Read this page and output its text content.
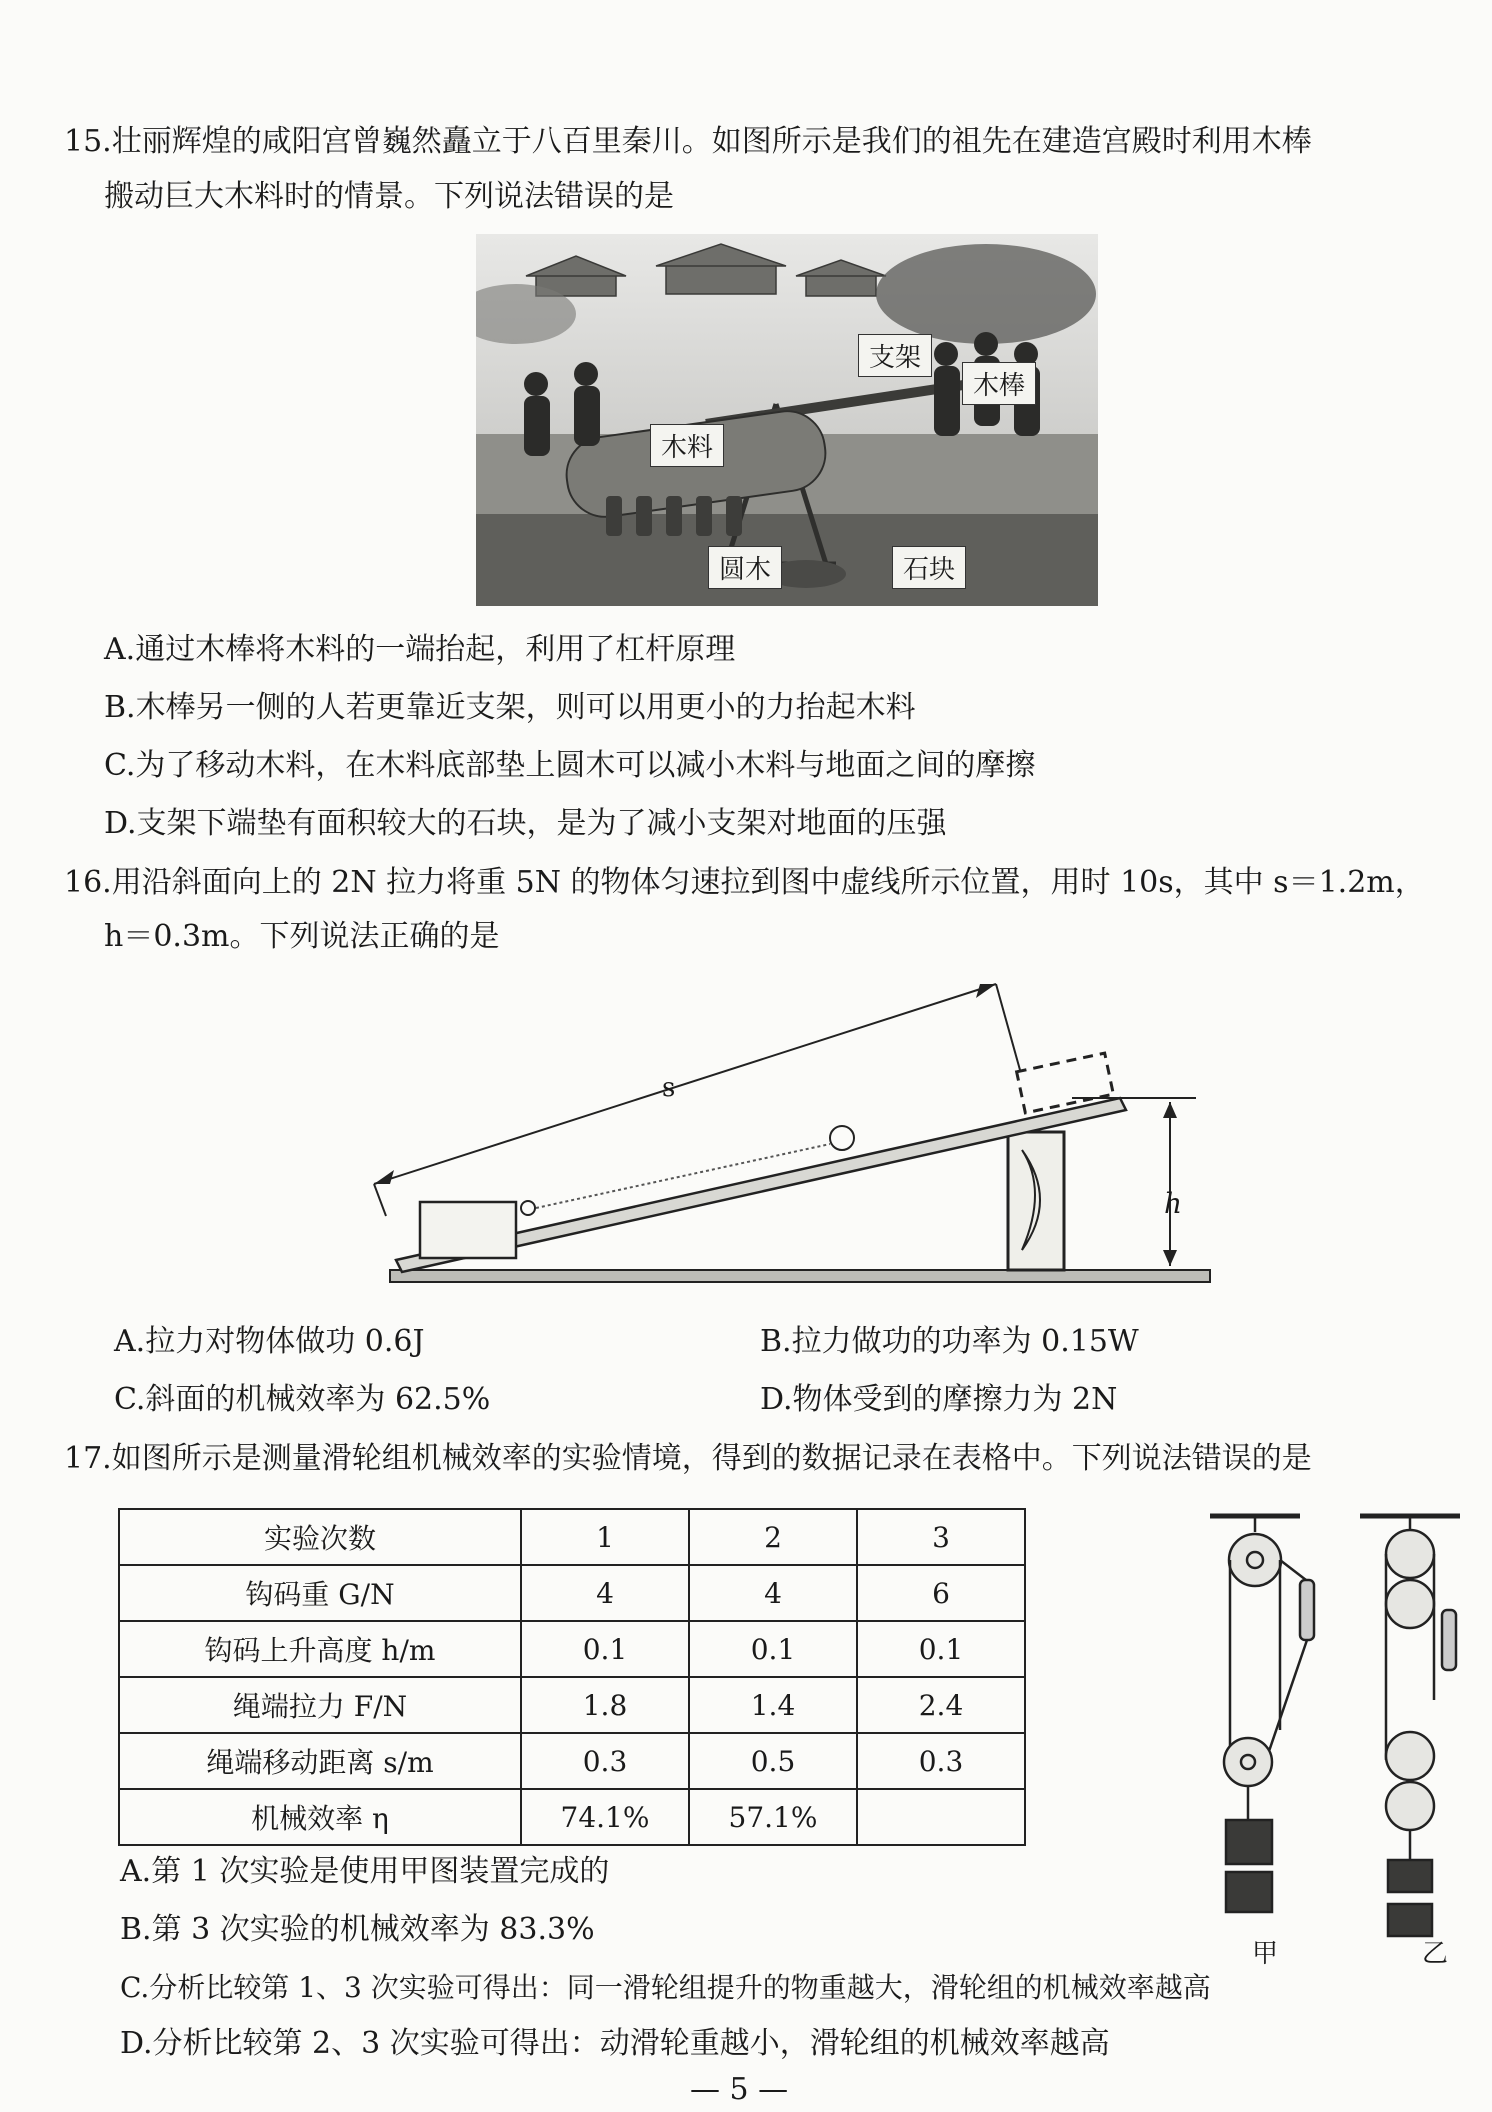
15.壮丽辉煌的咸阳宫曾巍然矗立于八百里秦川。如图所示是我们的祖先在建造宫殿时利用木棒
搬动巨大木料时的情景。下列说法错误的是
支架
木棒
木料
圆木	石块
A.通过木棒将木料的一端抬起，利用了杠杆原理
B.木棒另一侧的人若更靠近支架，则可以用更小的力抬起木料
C.为了移动木料，在木料底部垫上圆木可以减小木料与地面之间的摩擦
D.支架下端垫有面积较大的石块，是为了减小支架对地面的压强
16.用沿斜面向上的 2N 拉力将重 5N 的物体匀速拉到图中虚线所示位置，用时 10s，其中 s＝1.2m，
h＝0.3m。下列说法正确的是
s
h
A.拉力对物体做功 0.6J	B.拉力做功的功率为 0.15W
C.斜面的机械效率为 62.5%	D.物体受到的摩擦力为 2N
17.如图所示是测量滑轮组机械效率的实验情境，得到的数据记录在表格中。下列说法错误的是
实验次数	1	2	3
钩码重 G/N	4	4	6
钩码上升高度 h/m	0.1	0.1	0.1
绳端拉力 F/N	1.8	1.4	2.4
绳端移动距离 s/m	0.3	0.5	0.3
机械效率 η	74.1%	57.1%	
甲	乙
A.第 1 次实验是使用甲图装置完成的
B.第 3 次实验的机械效率为 83.3%
C.分析比较第 1、3 次实验可得出：同一滑轮组提升的物重越大，滑轮组的机械效率越高
D.分析比较第 2、3 次实验可得出：动滑轮重越小，滑轮组的机械效率越高
— 5 —
